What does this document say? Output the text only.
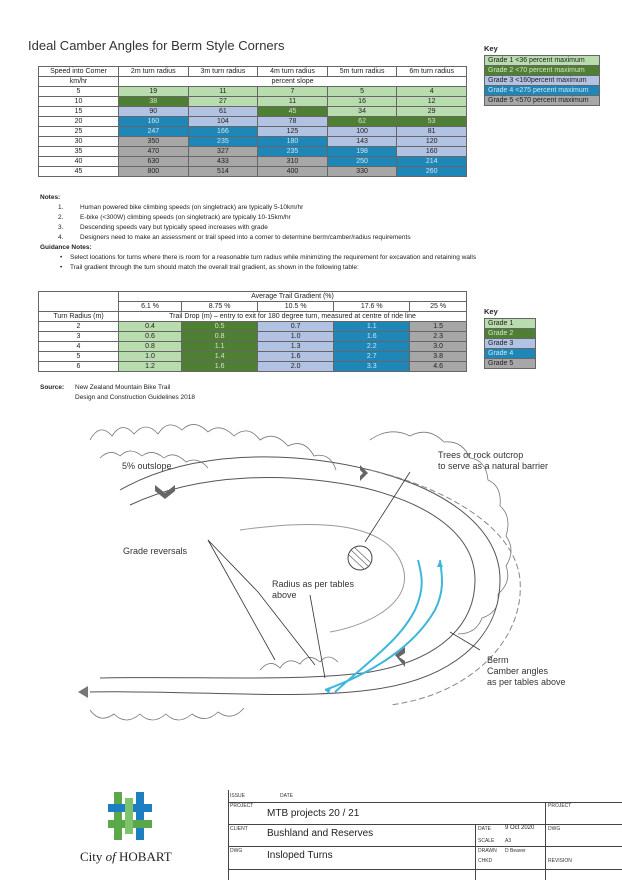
Ideal Camber Angles for Berm Style Corners
Speed into Corner	2m turn radius	3m turn radius	4m turn radius	5m turn radius	6m turn radius
km/hr	percent slope				
5	19	11	7	5	4
10	38	27	11	16	12
15	90	61	45	34	29
20	160	104	78	62	53
25	247	166	125	100	81
30	350	235	180	143	120
35	470	327	235	198	160
40	630	433	310	250	214
45	800	514	400	330	260
Key
Grade 1 <36 percent maximum
Grade 2 <70 percent maximum
Grade 3 <160percent maximum
Grade 4 <275 percent maximum
Grade 5 <570 percent maximum
Notes:
1.	Human powered bike climbing speeds (on singletrack) are typically 5-10km/hr
2.	E-bike (<300W) climbing speeds (on singletrack) are typically 10-15km/hr
3.	Descending speeds vary but typically speed increases with grade
4.	Designers need to make an assessment or trail speed into a corner to determine berm/camber/radius requirements
Guidance Notes:
• Select locations for turns where there is room for a reasonable turn radius while minimizing the requirement for excavation and retaining walls
• Trail gradient through the turn should match the overall trail gradient, as shown in the following table:
	Average Trail Gradient (%)				
	6.1 %	8.75 %	10.5 %	17.6 %	25 %
Turn Radius (m)	Trail Drop (m) – entry to exit for 180 degree turn, measured at centre of ride line				
2	0.4	0.5	0.7	1.1	1.5
3	0.6	0.8	1.0	1.6	2.3
4	0.8	1.1	1.3	2.2	3.0
5	1.0	1.4	1.6	2.7	3.8
6	1.2	1.6	2.0	3.3	4.6
Key
Grade 1
Grade 2
Grade 3
Grade 4
Grade 5
Source: New Zealand Mountain Bike Trail
Design and Construction Guidelines 2018
5% outslope
Trees or rock outcrop
to serve as a natural barrier
Grade reversals
Radius as per tables
above
Berm
Camber angles
as per tables above
City of HOBART
ISSUE	DATE
PROJECT
MTB projects 20 / 21
PROJECT
CLIENT Bushland and Reserves	DATE 9 Oct 2020	DWG
SCALE A3
DWG Insloped Turns	DRAWN D Beaver
CHKD	REVISION
